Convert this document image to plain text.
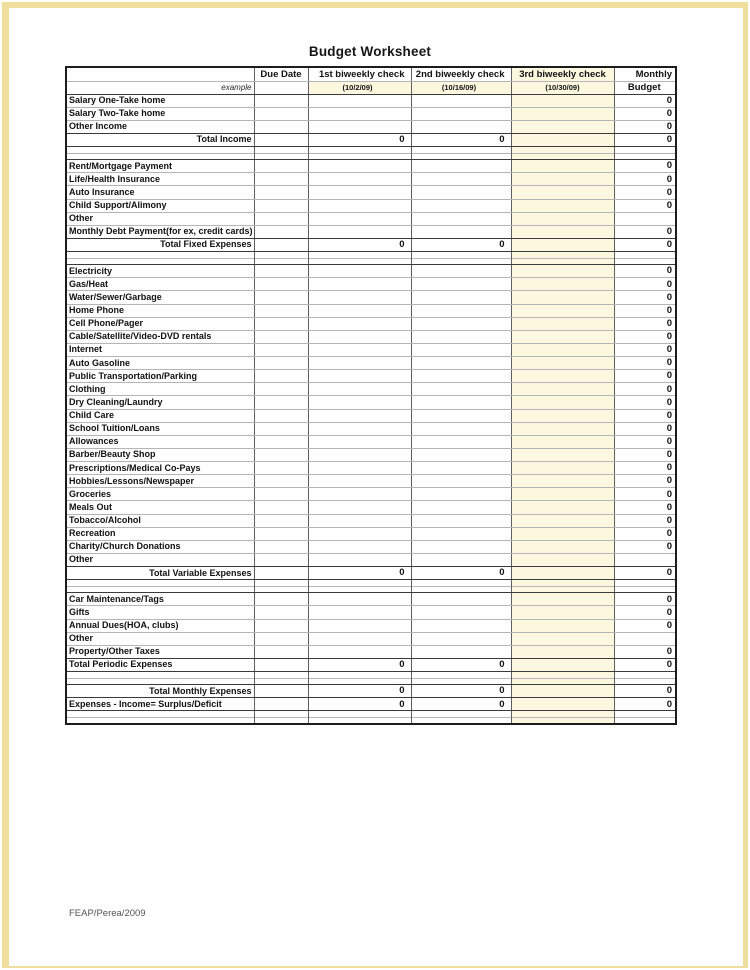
Budget Worksheet
	Due Date	1st biweekly check	2nd biweekly check	3rd biweekly check	Monthly
example		(10/2/09)	(10/16/09)	(10/30/09)	Budget
Salary One-Take home					0
Salary Two-Take home					0
Other Income					0
Total Income		0	0		0

Rent/Mortgage Payment					0
Life/Health Insurance					0
Auto Insurance					0
Child Support/Alimony					0
Other					
Monthly Debt Payment(for ex, credit cards)					0
Total Fixed Expenses		0	0		0

Electricity					0
Gas/Heat					0
Water/Sewer/Garbage					0
Home Phone					0
Cell Phone/Pager					0
Cable/Satellite/Video-DVD rentals					0
Internet					0
Auto Gasoline					0
Public Transportation/Parking					0
Clothing					0
Dry Cleaning/Laundry					0
Child Care					0
School Tuition/Loans					0
Allowances					0
Barber/Beauty Shop					0
Prescriptions/Medical Co-Pays					0
Hobbies/Lessons/Newspaper					0
Groceries					0
Meals Out					0
Tobacco/Alcohol					0
Recreation					0
Charity/Church Donations					0
Other					
Total Variable Expenses		0	0		0

Car Maintenance/Tags					0
Gifts					0
Annual Dues(HOA, clubs)					0
Other					
Property/Other Taxes					0
Total Periodic Expenses		0	0		0

Total Monthly Expenses		0	0		0
Expenses - Income= Surplus/Deficit		0	0		0

FEAP/Perea/2009
